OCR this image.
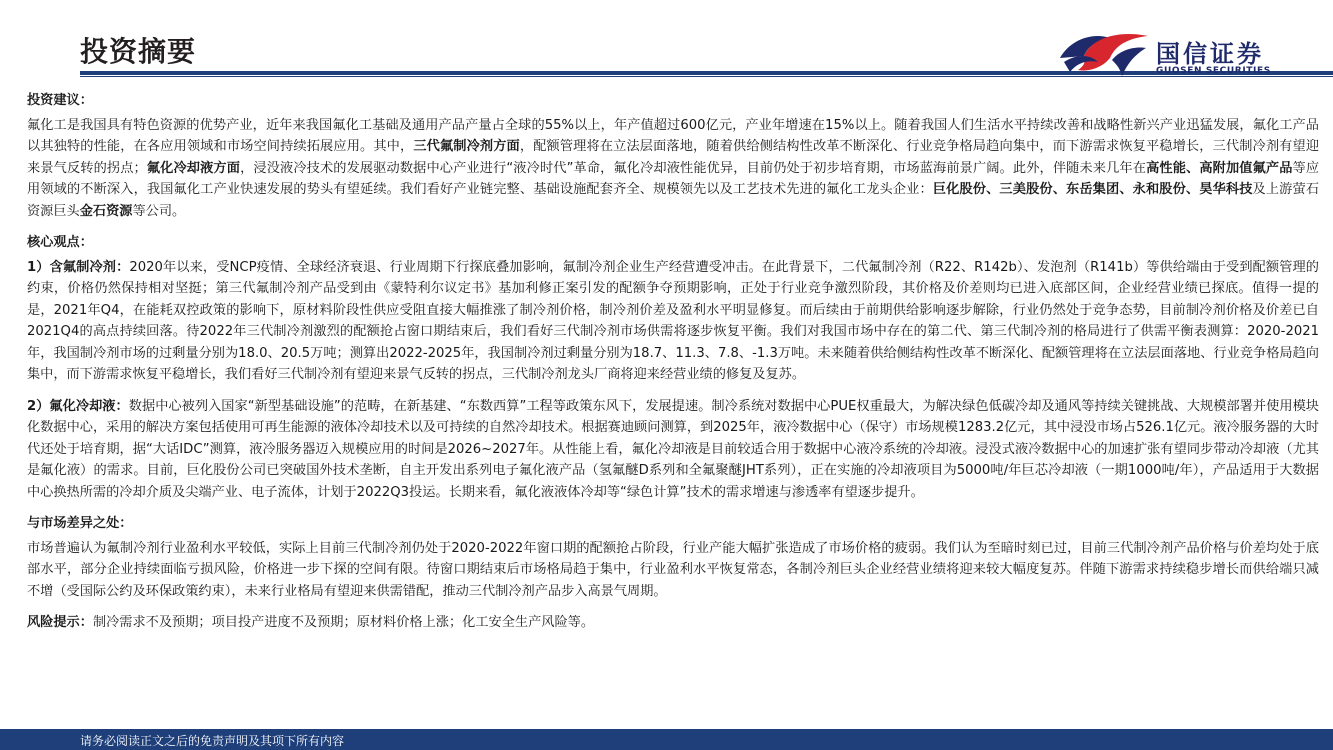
投资摘要	国信证券
GUOSEN SECURITIES

投资建议：

氟化工是我国具有特色资源的优势产业，近年来我国氟化工基础及通用产品产量占全球的55%以上，年产值超过600亿元，产业年增速在15%以上。随着我国人们生活水平持续改善和战略性新兴产业迅猛发展，氟化工产品以其独特的性能，在各应用领域和市场空间持续拓展应用。其中，三代氟制冷剂方面，配额管理将在立法层面落地，随着供给侧结构性改革不断深化、行业竞争格局趋向集中，而下游需求恢复平稳增长，三代制冷剂有望迎来景气反转的拐点；氟化冷却液方面，浸没液冷技术的发展驱动数据中心产业进行“液冷时代”革命，氟化冷却液性能优异，目前仍处于初步培育期，市场蓝海前景广阔。此外，伴随未来几年在高性能、高附加值氟产品等应用领域的不断深入，我国氟化工产业快速发展的势头有望延续。我们看好产业链完整、基础设施配套齐全、规模领先以及工艺技术先进的氟化工龙头企业：巨化股份、三美股份、东岳集团、永和股份、昊华科技及上游萤石资源巨头金石资源等公司。

核心观点：

1）含氟制冷剂：2020年以来，受NCP疫情、全球经济衰退、行业周期下行探底叠加影响，氟制冷剂企业生产经营遭受冲击。在此背景下，二代氟制冷剂（R22、R142b）、发泡剂（R141b）等供给端由于受到配额管理的约束，价格仍然保持相对坚挺；第三代氟制冷剂产品受到由《蒙特利尔议定书》基加利修正案引发的配额争夺预期影响，正处于行业竞争激烈阶段，其价格及价差则均已进入底部区间，企业经营业绩已探底。值得一提的是，2021年Q4，在能耗双控政策的影响下，原材料阶段性供应受阻直接大幅推涨了制冷剂价格，制冷剂价差及盈利水平明显修复。而后续由于前期供给影响逐步解除，行业仍然处于竞争态势，目前制冷剂价格及价差已自2021Q4的高点持续回落。待2022年三代制冷剂激烈的配额抢占窗口期结束后，我们看好三代制冷剂市场供需将逐步恢复平衡。我们对我国市场中存在的第二代、第三代制冷剂的格局进行了供需平衡表测算：2020-2021年，我国制冷剂市场的过剩量分别为18.0、20.5万吨；测算出2022-2025年，我国制冷剂过剩量分别为18.7、11.3、7.8、-1.3万吨。未来随着供给侧结构性改革不断深化、配额管理将在立法层面落地、行业竞争格局趋向集中，而下游需求恢复平稳增长，我们看好三代制冷剂有望迎来景气反转的拐点，三代制冷剂龙头厂商将迎来经营业绩的修复及复苏。

2）氟化冷却液：数据中心被列入国家“新型基础设施”的范畴，在新基建、“东数西算”工程等政策东风下，发展提速。制冷系统对数据中心PUE权重最大，为解决绿色低碳冷却及通风等持续关键挑战、大规模部署并使用模块化数据中心，采用的解决方案包括使用可再生能源的液体冷却技术以及可持续的自然冷却技术。根据赛迪顾问测算，到2025年，液冷数据中心（保守）市场规模1283.2亿元，其中浸没市场占526.1亿元。液冷服务器的大时代还处于培育期，据“大话IDC”测算，液冷服务器迈入规模应用的时间是2026~2027年。从性能上看，氟化冷却液是目前较适合用于数据中心液冷系统的冷却液。浸没式液冷数据中心的加速扩张有望同步带动冷却液（尤其是氟化液）的需求。目前，巨化股份公司已突破国外技术垄断，自主开发出系列电子氟化液产品（氢氟醚D系列和全氟聚醚JHT系列），正在实施的冷却液项目为5000吨/年巨芯冷却液（一期1000吨/年），产品适用于大数据中心换热所需的冷却介质及尖端产业、电子流体，计划于2022Q3投运。长期来看，氟化液液体冷却等“绿色计算”技术的需求增速与渗透率有望逐步提升。

与市场差异之处：

市场普遍认为氟制冷剂行业盈利水平较低，实际上目前三代制冷剂仍处于2020-2022年窗口期的配额抢占阶段，行业产能大幅扩张造成了市场价格的疲弱。我们认为至暗时刻已过，目前三代制冷剂产品价格与价差均处于底部水平，部分企业持续面临亏损风险，价格进一步下探的空间有限。待窗口期结束后市场格局趋于集中，行业盈利水平恢复常态，各制冷剂巨头企业经营业绩将迎来较大幅度复苏。伴随下游需求持续稳步增长而供给端只减不增（受国际公约及环保政策约束），未来行业格局有望迎来供需错配，推动三代制冷剂产品步入高景气周期。

风险提示：制冷需求不及预期；项目投产进度不及预期；原材料价格上涨；化工安全生产风险等。

请务必阅读正文之后的免责声明及其项下所有内容
